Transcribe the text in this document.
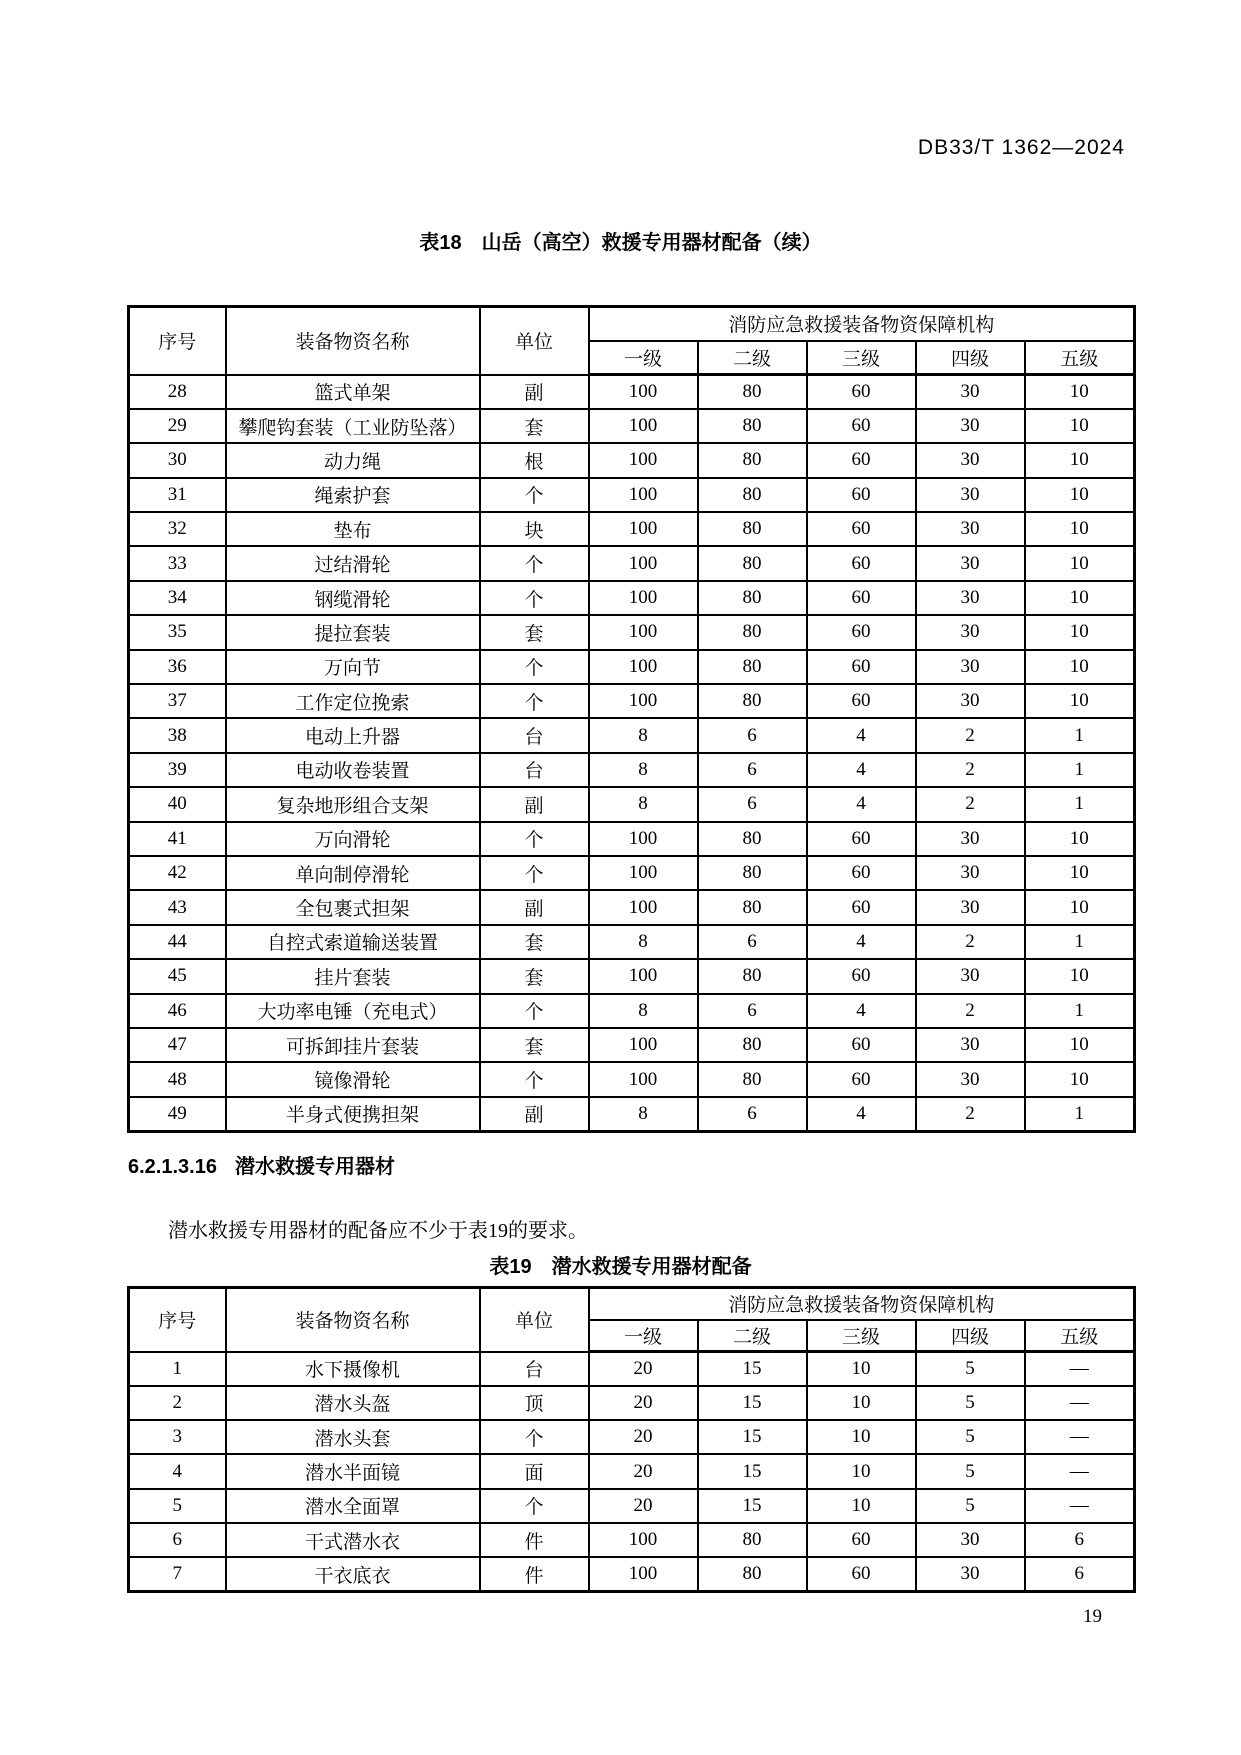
DB33/T 1362—2024
表18　山岳（高空）救援专用器材配备（续）
序号	装备物资名称	单位	消防应急救援装备物资保障机构				
			一级	二级	三级	四级	五级
28	篮式单架	副	100	80	60	30	10
29	攀爬钩套装（工业防坠落）	套	100	80	60	30	10
30	动力绳	根	100	80	60	30	10
31	绳索护套	个	100	80	60	30	10
32	垫布	块	100	80	60	30	10
33	过结滑轮	个	100	80	60	30	10
34	钢缆滑轮	个	100	80	60	30	10
35	提拉套装	套	100	80	60	30	10
36	万向节	个	100	80	60	30	10
37	工作定位挽索	个	100	80	60	30	10
38	电动上升器	台	8	6	4	2	1
39	电动收卷装置	台	8	6	4	2	1
40	复杂地形组合支架	副	8	6	4	2	1
41	万向滑轮	个	100	80	60	30	10
42	单向制停滑轮	个	100	80	60	30	10
43	全包裹式担架	副	100	80	60	30	10
44	自控式索道输送装置	套	8	6	4	2	1
45	挂片套装	套	100	80	60	30	10
46	大功率电锤（充电式）	个	8	6	4	2	1
47	可拆卸挂片套装	套	100	80	60	30	10
48	镜像滑轮	个	100	80	60	30	10
49	半身式便携担架	副	8	6	4	2	1
6.2.1.3.16 潜水救援专用器材
潜水救援专用器材的配备应不少于表19的要求。
表19　潜水救援专用器材配备
序号	装备物资名称	单位	消防应急救援装备物资保障机构				
			一级	二级	三级	四级	五级
1	水下摄像机	台	20	15	10	5	—
2	潜水头盔	顶	20	15	10	5	—
3	潜水头套	个	20	15	10	5	—
4	潜水半面镜	面	20	15	10	5	—
5	潜水全面罩	个	20	15	10	5	—
6	干式潜水衣	件	100	80	60	30	6
7	干衣底衣	件	100	80	60	30	6
19
